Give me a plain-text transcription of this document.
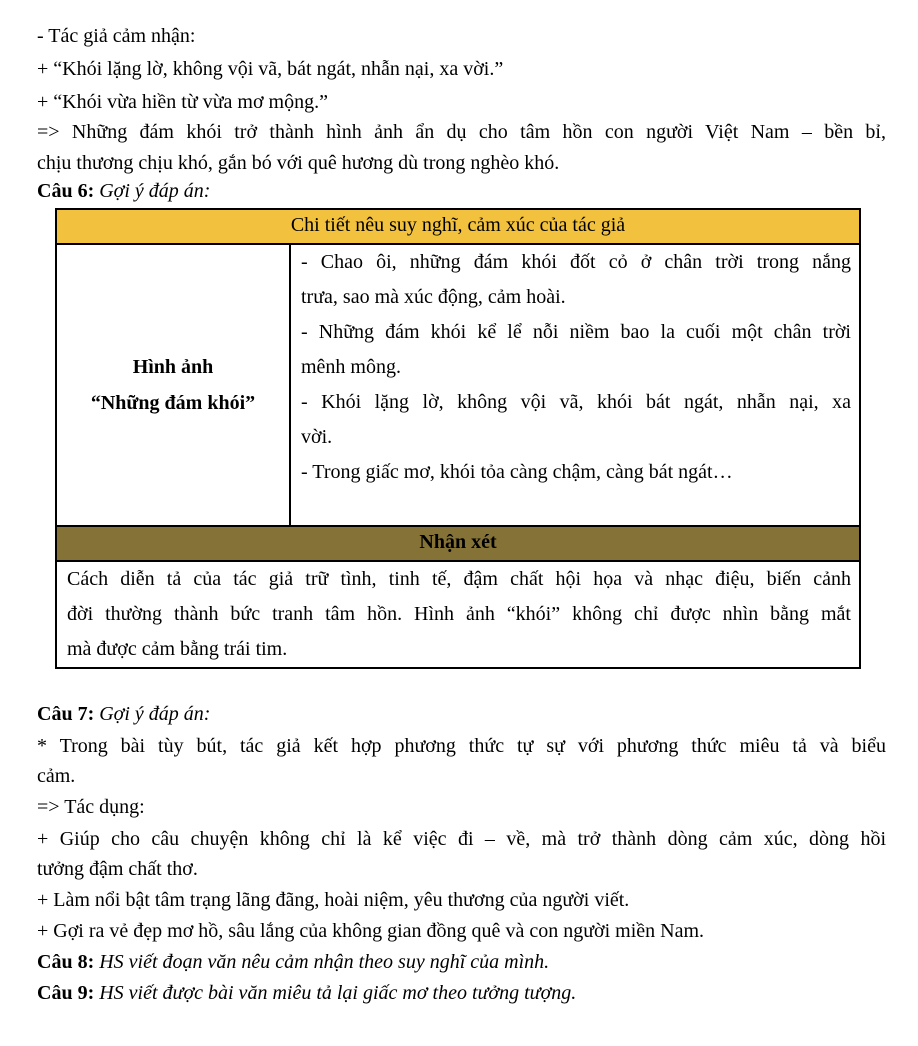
- Tác giả cảm nhận:
+ “Khói lặng lờ, không vội vã, bát ngát, nhẫn nại, xa vời.”
+ “Khói vừa hiền từ vừa mơ mộng.”
=> Những đám khói trở thành hình ảnh ẩn dụ cho tâm hồn con người Việt Nam – bền bỉ,
chịu thương chịu khó, gắn bó với quê hương dù trong nghèo khó.
Câu 6: Gợi ý đáp án:
Chi tiết nêu suy nghĩ, cảm xúc của tác giả

Hình ảnh
“Những đám khói”

- Chao ôi, những đám khói đốt cỏ ở chân trời trong nắng
trưa, sao mà xúc động, cảm hoài.
- Những đám khói kể lể nỗi niềm bao la cuối một chân trời
mênh mông.
- Khói lặng lờ, không vội vã, khói bát ngát, nhẫn nại, xa
vời.
- Trong giấc mơ, khói tỏa càng chậm, càng bát ngát…

Nhận xét

Cách diễn tả của tác giả trữ tình, tinh tế, đậm chất hội họa và nhạc điệu, biến cảnh
đời thường thành bức tranh tâm hồn. Hình ảnh “khói” không chỉ được nhìn bằng mắt
mà được cảm bằng trái tim.
Câu 7: Gợi ý đáp án:
* Trong bài tùy bút, tác giả kết hợp phương thức tự sự với phương thức miêu tả và biểu
cảm.
=> Tác dụng:
+ Giúp cho câu chuyện không chỉ là kể việc đi – về, mà trở thành dòng cảm xúc, dòng hồi
tưởng đậm chất thơ.
+ Làm nổi bật tâm trạng lãng đãng, hoài niệm, yêu thương của người viết.
+ Gợi ra vẻ đẹp mơ hồ, sâu lắng của không gian đồng quê và con người miền Nam.
Câu 8: HS viết đoạn văn nêu cảm nhận theo suy nghĩ của mình.
Câu 9: HS viết được bài văn miêu tả lại giấc mơ theo tưởng tượng.
